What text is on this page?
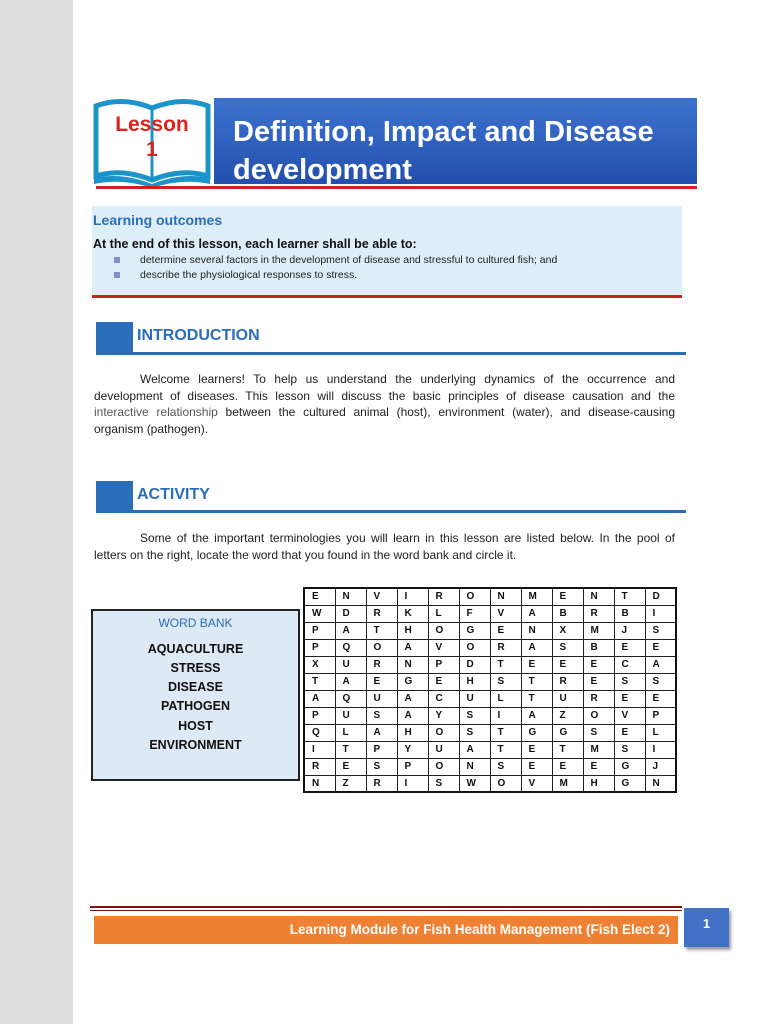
Lesson
1
Definition, Impact and Disease
development
Learning outcomes
At the end of this lesson, each learner shall be able to:
determine several factors in the development of disease and stressful to cultured fish; and
describe the physiological responses to stress.
INTRODUCTION
Welcome learners! To help us understand the underlying dynamics of the occurrence and development of diseases. This lesson will discuss the basic principles of disease causation and the interactive relationship between the cultured animal (host), environment (water), and disease-causing organism (pathogen).
ACTIVITY
Some of the important terminologies you will learn in this lesson are listed below. In the pool of letters on the right, locate the word that you found in the word bank and circle it.
WORD BANK
AQUACULTURE
STRESS
DISEASE
PATHOGEN
HOST
ENVIRONMENT
E	N	V	I	R	O	N	M	E	N	T	D
W	D	R	K	L	F	V	A	B	R	B	I
P	A	T	H	O	G	E	N	X	M	J	S
P	Q	O	A	V	O	R	A	S	B	E	E
X	U	R	N	P	D	T	E	E	E	C	A
T	A	E	G	E	H	S	T	R	E	S	S
A	Q	U	A	C	U	L	T	U	R	E	E
P	U	S	A	Y	S	I	A	Z	O	V	P
Q	L	A	H	O	S	T	G	G	S	E	L
I	T	P	Y	U	A	T	E	T	M	S	I
R	E	S	P	O	N	S	E	E	E	G	J
N	Z	R	I	S	W	O	V	M	H	G	N
Learning Module for Fish Health Management (Fish Elect 2)	1
